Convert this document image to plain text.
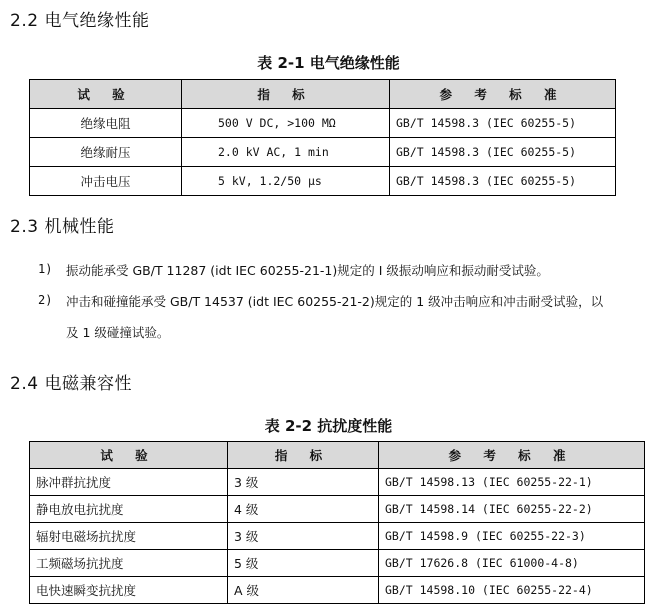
2.2 电气绝缘性能
表 2-1 电气绝缘性能
试 验	指 标	参 考 标 准
绝缘电阻	500 V DC, >100 MΩ	GB/T 14598.3 (IEC 60255-5)
绝缘耐压	2.0 kV AC, 1 min	GB/T 14598.3 (IEC 60255-5)
冲击电压	5 kV, 1.2/50 μs	GB/T 14598.3 (IEC 60255-5)
2.3 机械性能
1) 振动能承受 GB/T 11287 (idt IEC 60255-21-1)规定的 I 级振动响应和振动耐受试验。
2) 冲击和碰撞能承受 GB/T 14537 (idt IEC 60255-21-2)规定的 1 级冲击响应和冲击耐受试验，以
及 1 级碰撞试验。
2.4 电磁兼容性
表 2-2 抗扰度性能
试 验	指 标	参 考 标 准
脉冲群抗扰度	3 级	GB/T 14598.13 (IEC 60255-22-1)
静电放电抗扰度	4 级	GB/T 14598.14 (IEC 60255-22-2)
辐射电磁场抗扰度	3 级	GB/T 14598.9 (IEC 60255-22-3)
工频磁场抗扰度	5 级	GB/T 17626.8 (IEC 61000-4-8)
电快速瞬变抗扰度	A 级	GB/T 14598.10 (IEC 60255-22-4)
